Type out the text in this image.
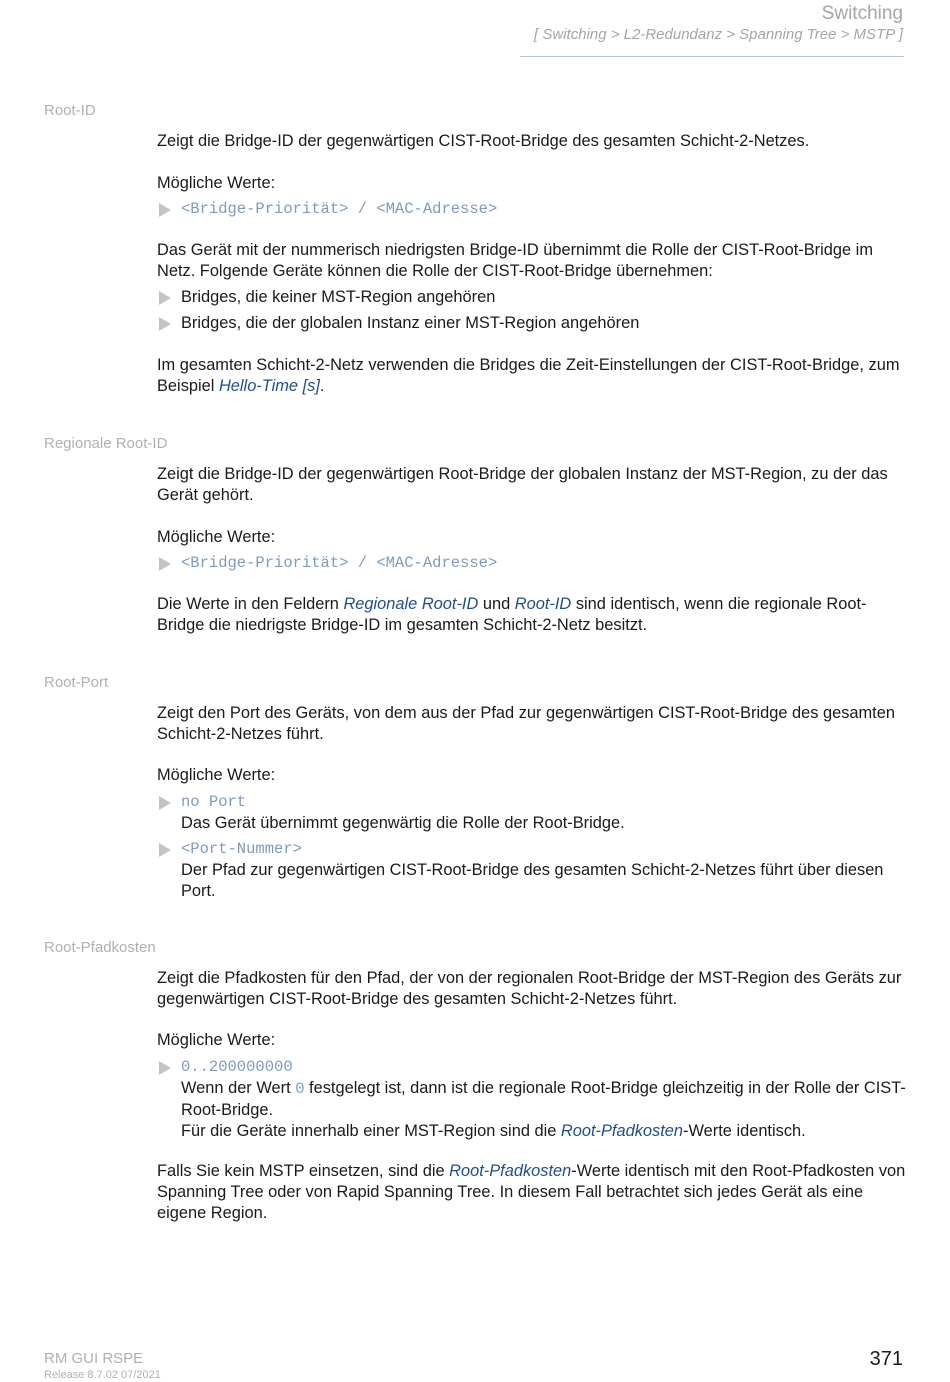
Switching
[ Switching > L2-Redundanz > Spanning Tree > MSTP ]
Root-ID
Zeigt die Bridge-ID der gegenwärtigen CIST-Root-Bridge des gesamten Schicht-2-Netzes.
Mögliche Werte:
<Bridge-Priorität> / <MAC-Adresse>
Das Gerät mit der nummerisch niedrigsten Bridge-ID übernimmt die Rolle der CIST-Root-Bridge im Netz. Folgende Geräte können die Rolle der CIST-Root-Bridge übernehmen:
Bridges, die keiner MST-Region angehören
Bridges, die der globalen Instanz einer MST-Region angehören
Im gesamten Schicht-2-Netz verwenden die Bridges die Zeit-Einstellungen der CIST-Root-Bridge, zum Beispiel Hello-Time [s].
Regionale Root-ID
Zeigt die Bridge-ID der gegenwärtigen Root-Bridge der globalen Instanz der MST-Region, zu der das Gerät gehört.
Mögliche Werte:
<Bridge-Priorität> / <MAC-Adresse>
Die Werte in den Feldern Regionale Root-ID und Root-ID sind identisch, wenn die regionale Root-Bridge die niedrigste Bridge-ID im gesamten Schicht-2-Netz besitzt.
Root-Port
Zeigt den Port des Geräts, von dem aus der Pfad zur gegenwärtigen CIST-Root-Bridge des gesamten Schicht-2-Netzes führt.
Mögliche Werte:
no Port
Das Gerät übernimmt gegenwärtig die Rolle der Root-Bridge.
<Port-Nummer>
Der Pfad zur gegenwärtigen CIST-Root-Bridge des gesamten Schicht-2-Netzes führt über diesen Port.
Root-Pfadkosten
Zeigt die Pfadkosten für den Pfad, der von der regionalen Root-Bridge der MST-Region des Geräts zur gegenwärtigen CIST-Root-Bridge des gesamten Schicht-2-Netzes führt.
Mögliche Werte:
0..200000000
Wenn der Wert 0 festgelegt ist, dann ist die regionale Root-Bridge gleichzeitig in der Rolle der CIST-Root-Bridge.
Für die Geräte innerhalb einer MST-Region sind die Root-Pfadkosten-Werte identisch.
Falls Sie kein MSTP einsetzen, sind die Root-Pfadkosten-Werte identisch mit den Root-Pfadkosten von Spanning Tree oder von Rapid Spanning Tree. In diesem Fall betrachtet sich jedes Gerät als eine eigene Region.
RM GUI RSPE
Release 8.7.02 07/2021
371
